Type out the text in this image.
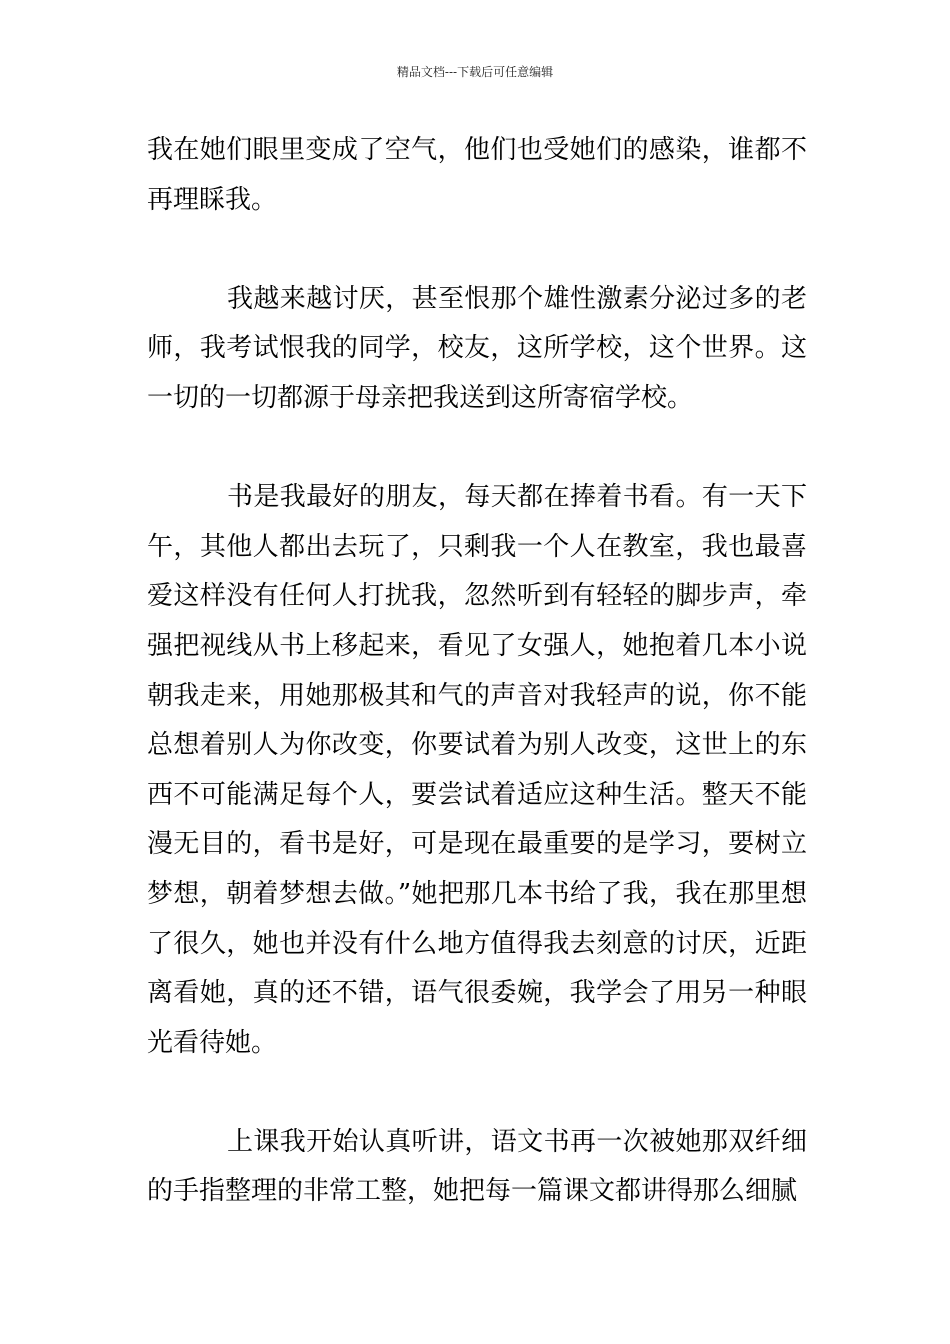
精品文档---下载后可任意编辑

我在她们眼里变成了空气，他们也受她们的感染，谁都不再理睬我。

我越来越讨厌，甚至恨那个雄性激素分泌过多的老师，我考试恨我的同学，校友，这所学校，这个世界。这一切的一切都源于母亲把我送到这所寄宿学校。

书是我最好的朋友，每天都在捧着书看。有一天下午，其他人都出去玩了，只剩我一个人在教室，我也最喜爱这样没有任何人打扰我，忽然听到有轻轻的脚步声，牵强把视线从书上移起来，看见了女强人，她抱着几本小说朝我走来，用她那极其和气的声音对我轻声的说，你不能总想着别人为你改变，你要试着为别人改变，这世上的东西不可能满足每个人，要尝试着适应这种生活。整天不能漫无目的，看书是好，可是现在最重要的是学习，要树立梦想，朝着梦想去做。”她把那几本书给了我，我在那里想了很久，她也并没有什么地方值得我去刻意的讨厌，近距离看她，真的还不错，语气很委婉，我学会了用另一种眼光看待她。

上课我开始认真听讲，语文书再一次被她那双纤细的手指整理的非常工整，她把每一篇课文都讲得那么细腻
